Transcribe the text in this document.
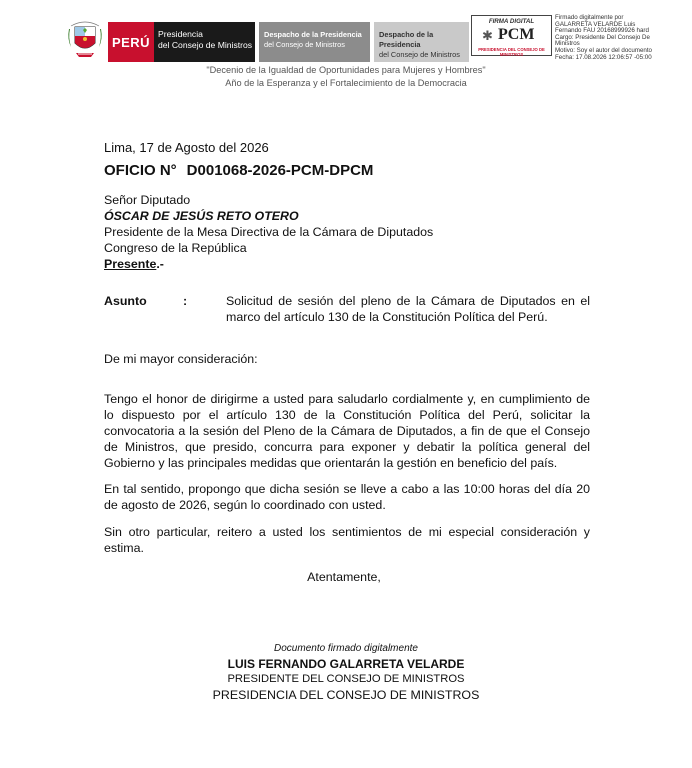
PERÚ
Presidencia
del Consejo de Ministros
Despacho de la Presidencia
del Consejo de Ministros
Despacho de la Presidencia
del Consejo de Ministros
FIRMA DIGITAL
✱ PCM
PRESIDENCIA DEL CONSEJO DE MINISTROS
Firmado digitalmente por
GALARRETA VELARDE Luis
Fernando FAU 20168999926 hard
Cargo: Presidente Del Consejo De
Ministros
Motivo: Soy el autor del documento
Fecha: 17.08.2026 12:06:57 -05:00
"Decenio de la Igualdad de Oportunidades para Mujeres y Hombres"
Año de la Esperanza y el Fortalecimiento de la Democracia
Lima, 17 de Agosto del 2026
OFICIO N° D001068-2026-PCM-DPCM
Señor Diputado
ÓSCAR DE JESÚS RETO OTERO
Presidente de la Mesa Directiva de la Cámara de Diputados
Congreso de la República
Presente.-
Asunto	:	Solicitud de sesión del pleno de la Cámara de Diputados en el marco del artículo 130 de la Constitución Política del Perú.
De mi mayor consideración:
Tengo el honor de dirigirme a usted para saludarlo cordialmente y, en cumplimiento de lo dispuesto por el artículo 130 de la Constitución Política del Perú, solicitar la convocatoria a la sesión del Pleno de la Cámara de Diputados, a fin de que el Consejo de Ministros, que presido, concurra para exponer y debatir la política general del Gobierno y las principales medidas que orientarán la gestión en beneficio del país.
En tal sentido, propongo que dicha sesión se lleve a cabo a las 10:00 horas del día 20 de agosto de 2026, según lo coordinado con usted.
Sin otro particular, reitero a usted los sentimientos de mi especial consideración y estima.
Atentamente,
Documento firmado digitalmente
LUIS FERNANDO GALARRETA VELARDE
PRESIDENTE DEL CONSEJO DE MINISTROS
PRESIDENCIA DEL CONSEJO DE MINISTROS
